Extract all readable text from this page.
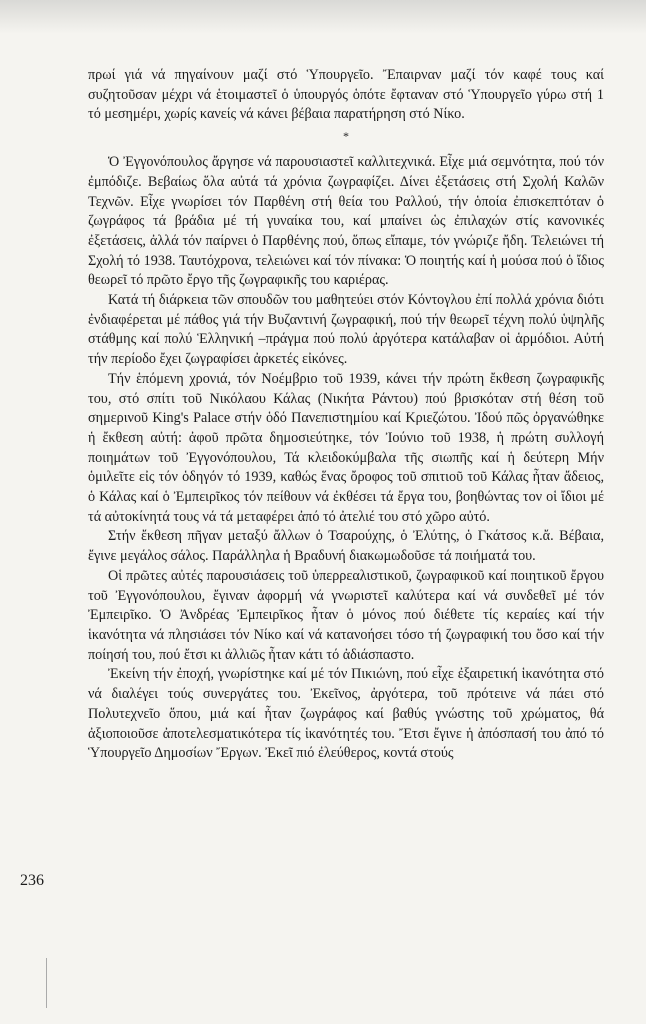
πρωί γιά νά πηγαίνουν μαζί στό Ὑπουργεῖο. Ἔπαιρναν μαζί τόν καφέ τους καί συζητοῦσαν μέχρι νά ἑτοιμαστεῖ ὁ ὑπουργός ὁπότε ἔφταναν στό Ὑπουργεῖο γύρω στή 1 τό μεσημέρι, χωρίς κανείς νά κάνει βέβαια παρατήρηση στό Νίκο.

*

Ὁ Ἐγγονόπουλος ἄργησε νά παρουσιαστεῖ καλλιτεχνικά. Εἶχε μιά σεμνότητα, πού τόν ἐμπόδιζε. Βεβαίως ὅλα αὐτά τά χρόνια ζωγραφίζει. Δίνει ἐξετάσεις στή Σχολή Καλῶν Τεχνῶν. Εἶχε γνωρίσει τόν Παρθένη στή θεία του Ραλλού, τήν ὁποία ἐπισκεπτόταν ὁ ζωγράφος τά βράδια μέ τή γυναίκα του, καί μπαίνει ὡς ἐπιλαχών στίς κανονικές ἐξετάσεις, ἀλλά τόν παίρνει ὁ Παρθένης πού, ὅπως εἴπαμε, τόν γνώριζε ἤδη. Τελειώνει τή Σχολή τό 1938. Ταυτόχρονα, τελειώνει καί τόν πίνακα: Ὁ ποιητής καί ἡ μούσα πού ὁ ἴδιος θεωρεῖ τό πρῶτο ἔργο τῆς ζωγραφικῆς του καριέρας.

Κατά τή διάρκεια τῶν σπουδῶν του μαθητεύει στόν Κόντογλου ἐπί πολλά χρόνια διότι ἐνδιαφέρεται μέ πάθος γιά τήν Βυζαντινή ζωγραφική, πού τήν θεωρεῖ τέχνη πολύ ὑψηλῆς στάθμης καί πολύ Ἑλληνική –πράγμα πού πολύ ἀργότερα κατάλαβαν οἱ ἁρμόδιοι. Αὐτή τήν περίοδο ἔχει ζωγραφίσει ἀρκετές εἰκόνες.

Τήν ἑπόμενη χρονιά, τόν Νοέμβριο τοῦ 1939, κάνει τήν πρώτη ἔκθεση ζωγραφικῆς του, στό σπίτι τοῦ Νικόλαου Κάλας (Νικήτα Ράντου) πού βρισκόταν στή θέση τοῦ σημερινοῦ King's Palace στήν ὁδό Πανεπιστημίου καί Κριεζώτου. Ἰδού πῶς ὀργανώθηκε ἡ ἔκθεση αὐτή: ἀφοῦ πρῶτα δημοσιεύτηκε, τόν Ἰούνιο τοῦ 1938, ἡ πρώτη συλλογή ποιημάτων τοῦ Ἐγγονόπουλου, Τά κλειδοκύμβαλα τῆς σιωπῆς καί ἡ δεύτερη Μήν ὁμιλεῖτε εἰς τόν ὁδηγόν τό 1939, καθώς ἕνας ὄροφος τοῦ σπιτιοῦ τοῦ Κάλας ἦταν ἄδειος, ὁ Κάλας καί ὁ Ἐμπειρῖκος τόν πείθουν νά ἐκθέσει τά ἔργα του, βοηθώντας τον οἱ ἴδιοι μέ τά αὐτοκίνητά τους νά τά μεταφέρει ἀπό τό ἀτελιέ του στό χῶρο αὐτό.

Στήν ἔκθεση πῆγαν μεταξύ ἄλλων ὁ Τσαρούχης, ὁ Ἐλύτης, ὁ Γκάτσος κ.ἄ. Βέβαια, ἔγινε μεγάλος σάλος. Παράλληλα ἡ Βραδυνή διακωμωδοῦσε τά ποιήματά του.

Οἱ πρῶτες αὐτές παρουσιάσεις τοῦ ὑπερρεαλιστικοῦ, ζωγραφικοῦ καί ποιητικοῦ ἔργου τοῦ Ἐγγονόπουλου, ἔγιναν ἀφορμή νά γνωριστεῖ καλύτερα καί νά συνδεθεῖ μέ τόν Ἐμπειρῖκο. Ὁ Ἀνδρέας Ἐμπειρῖκος ἦταν ὁ μόνος πού διέθετε τίς κεραίες καί τήν ἱκανότητα νά πλησιάσει τόν Νίκο καί νά κατανοήσει τόσο τή ζωγραφική του ὅσο καί τήν ποίησή του, πού ἔτσι κι ἀλλιῶς ἦταν κάτι τό ἀδιάσπαστο.

Ἐκείνη τήν ἐποχή, γνωρίστηκε καί μέ τόν Πικιώνη, πού εἶχε ἐξαιρετική ἱκανότητα στό νά διαλέγει τούς συνεργάτες του. Ἐκεῖνος, ἀργότερα, τοῦ πρότεινε νά πάει στό Πολυτεχνεῖο ὅπου, μιά καί ἦταν ζωγράφος καί βαθύς γνώστης τοῦ χρώματος, θά ἀξιοποιοῦσε ἀποτελεσματικότερα τίς ἱκανότητές του. Ἔτσι ἔγινε ἡ ἀπόσπασή του ἀπό τό Ὑπουργεῖο Δημοσίων Ἔργων. Ἐκεῖ πιό ἐλεύθερος, κοντά στούς

236
